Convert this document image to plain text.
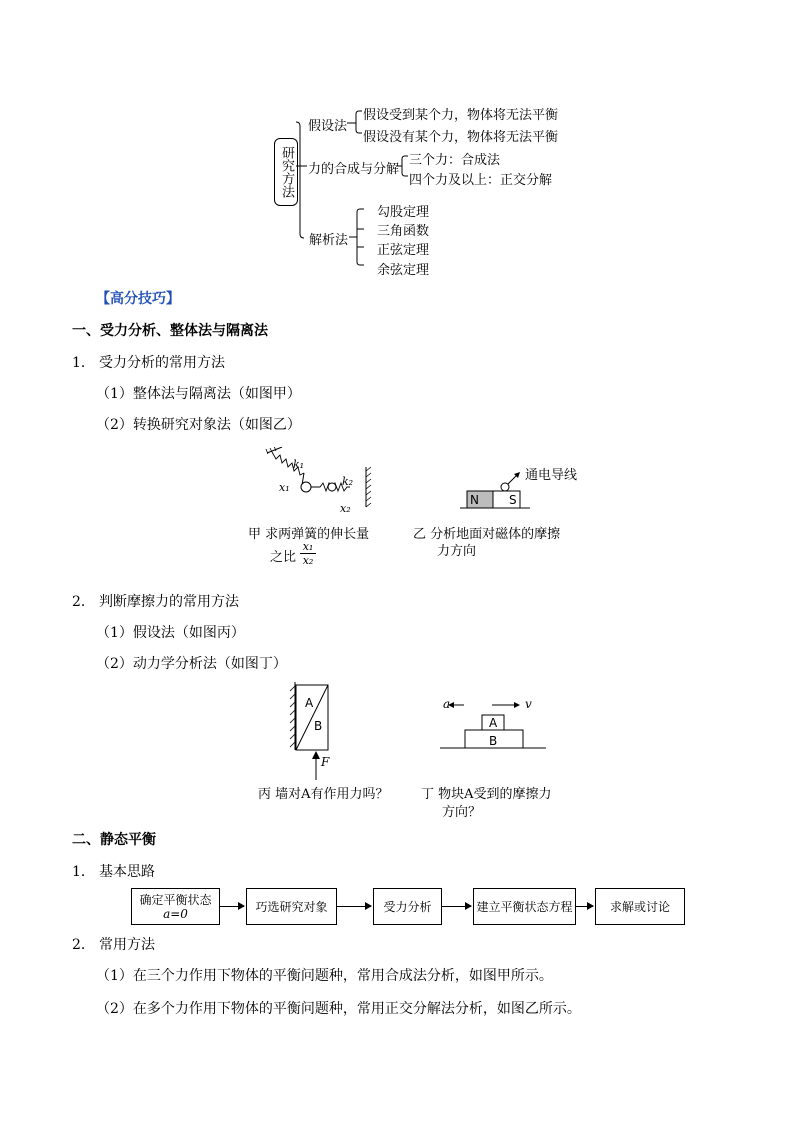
研究方法
假设法
假设受到某个力，物体将无法平衡
假设没有某个力，物体将无法平衡
力的合成与分解
三个力：合成法
四个力及以上：正交分解
解析法
勾股定理
三角函数
正弦定理
余弦定理
【高分技巧】
一、受力分析、整体法与隔离法
1． 受力分析的常用方法
（1）整体法与隔离法（如图甲）
（2）转换研究对象法（如图乙）
k₁
x₁	k₂
x₂
甲 求两弹簧的伸长量
之比 $\frac{\text{x₁}}{\text{x₂}}$
通电导线
N	S
乙 分析地面对磁体的摩擦
力方向
2． 判断摩擦力的常用方法
（1）假设法（如图丙）
（2）动力学分析法（如图丁）
A
B
F
丙 墙对A有作用力吗？
a	v
A
B
丁 物块A受到的摩擦力
方向？
二、静态平衡
1． 基本思路
确定平衡状态
a=0	巧选研究对象	受力分析	建立平衡状态方程	求解或讨论
2． 常用方法
（1）在三个力作用下物体的平衡问题种，常用合成法分析，如图甲所示。
（2）在多个力作用下物体的平衡问题种，常用正交分解法分析，如图乙所示。
